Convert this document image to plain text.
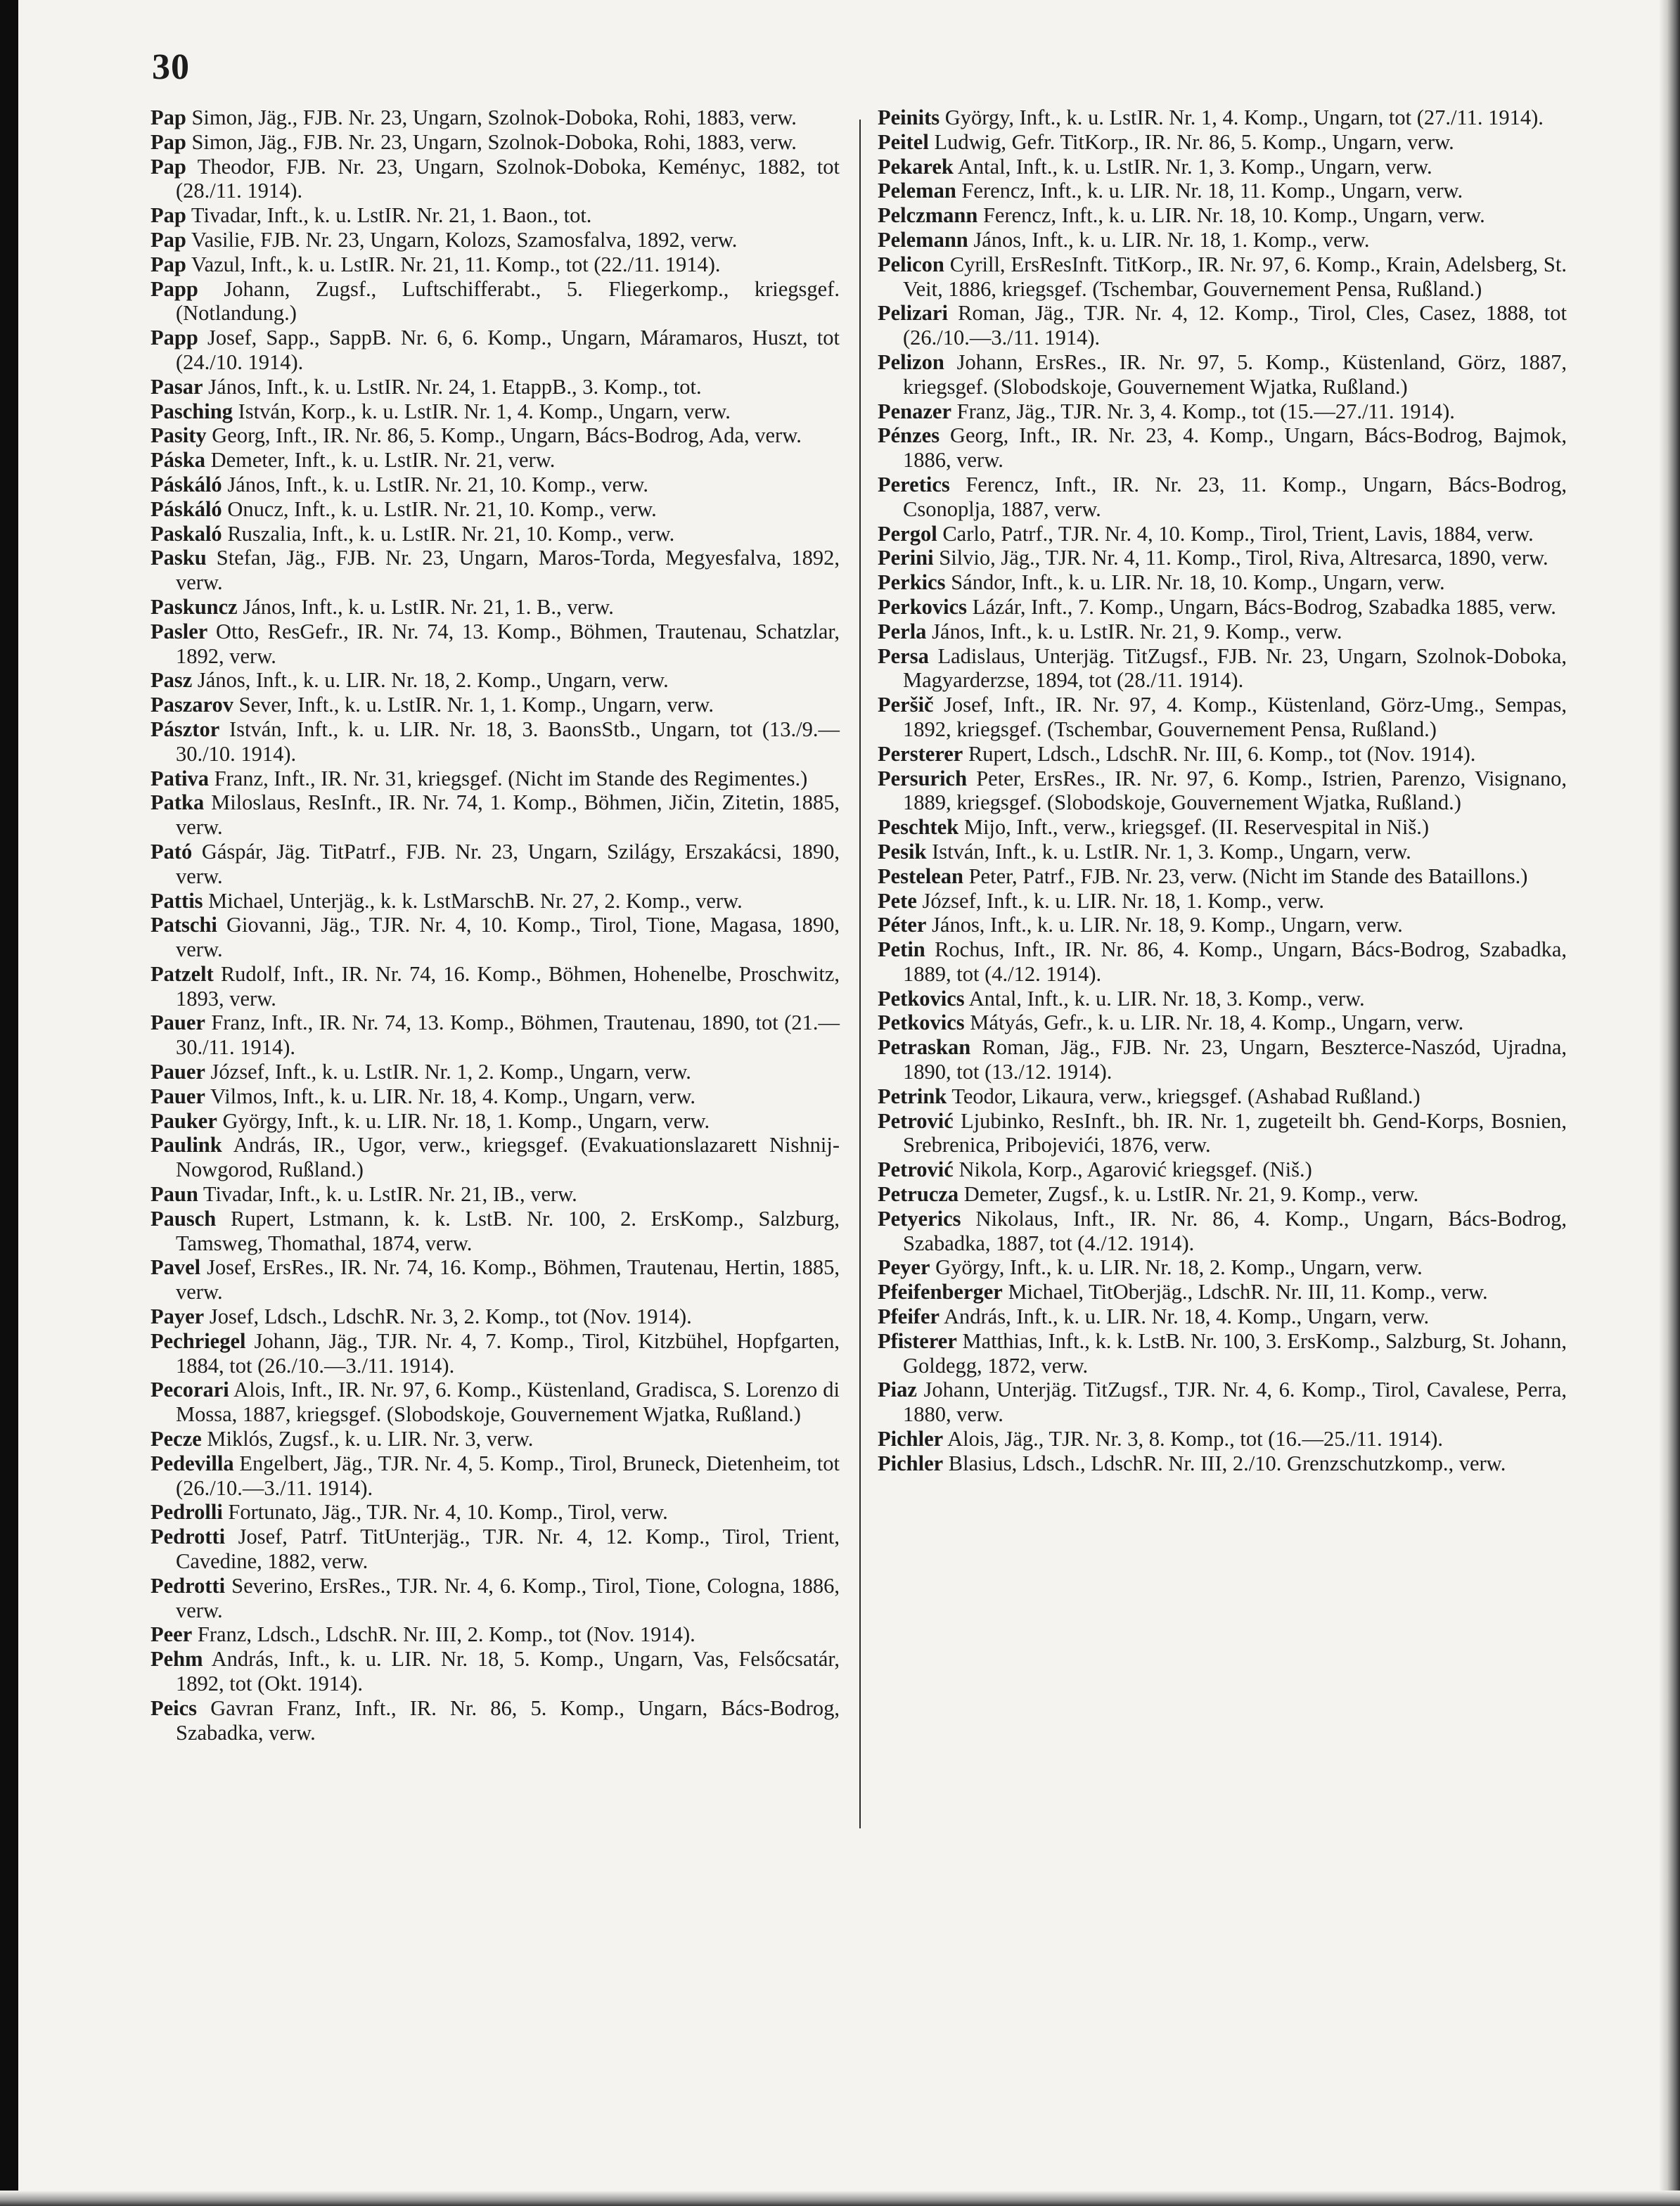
30
Pap Simon, Jäg., FJB. Nr. 23, Ungarn, Szolnok-Doboka, Rohi, 1883, verw.
Pap Simon, Jäg., FJB. Nr. 23, Ungarn, Szolnok-Doboka, Rohi, 1883, verw.
Pap Theodor, FJB. Nr. 23, Ungarn, Szolnok-Doboka, Keményc, 1882, tot (28./11. 1914).
Pap Tivadar, Inft., k. u. LstIR. Nr. 21, 1. Baon., tot.
Pap Vasilie, FJB. Nr. 23, Ungarn, Kolozs, Szamosfalva, 1892, verw.
Pap Vazul, Inft., k. u. LstIR. Nr. 21, 11. Komp., tot (22./11. 1914).
Papp Johann, Zugsf., Luftschifferabt., 5. Fliegerkomp., kriegsgef. (Notlandung.)
Papp Josef, Sapp., SappB. Nr. 6, 6. Komp., Ungarn, Máramaros, Huszt, tot (24./10. 1914).
Pasar János, Inft., k. u. LstIR. Nr. 24, 1. EtappB., 3. Komp., tot.
Pasching István, Korp., k. u. LstIR. Nr. 1, 4. Komp., Ungarn, verw.
Pasity Georg, Inft., IR. Nr. 86, 5. Komp., Ungarn, Bács-Bodrog, Ada, verw.
Páska Demeter, Inft., k. u. LstIR. Nr. 21, verw.
Páskáló János, Inft., k. u. LstIR. Nr. 21, 10. Komp., verw.
Páskáló Onucz, Inft., k. u. LstIR. Nr. 21, 10. Komp., verw.
Paskaló Ruszalia, Inft., k. u. LstIR. Nr. 21, 10. Komp., verw.
Pasku Stefan, Jäg., FJB. Nr. 23, Ungarn, Maros-Torda, Megyesfalva, 1892, verw.
Paskuncz János, Inft., k. u. LstIR. Nr. 21, 1. B., verw.
Pasler Otto, ResGefr., IR. Nr. 74, 13. Komp., Böhmen, Trautenau, Schatzlar, 1892, verw.
Pasz János, Inft., k. u. LIR. Nr. 18, 2. Komp., Ungarn, verw.
Paszarov Sever, Inft., k. u. LstIR. Nr. 1, 1. Komp., Ungarn, verw.
Pásztor István, Inft., k. u. LIR. Nr. 18, 3. BaonsStb., Ungarn, tot (13./9.—30./10. 1914).
Pativa Franz, Inft., IR. Nr. 31, kriegsgef. (Nicht im Stande des Regimentes.)
Patka Miloslaus, ResInft., IR. Nr. 74, 1. Komp., Böhmen, Jičin, Zitetin, 1885, verw.
Pató Gáspár, Jäg. TitPatrf., FJB. Nr. 23, Ungarn, Szilágy, Erszakácsi, 1890, verw.
Pattis Michael, Unterjäg., k. k. LstMarschB. Nr. 27, 2. Komp., verw.
Patschi Giovanni, Jäg., TJR. Nr. 4, 10. Komp., Tirol, Tione, Magasa, 1890, verw.
Patzelt Rudolf, Inft., IR. Nr. 74, 16. Komp., Böhmen, Hohenelbe, Proschwitz, 1893, verw.
Pauer Franz, Inft., IR. Nr. 74, 13. Komp., Böhmen, Trautenau, 1890, tot (21.—30./11. 1914).
Pauer József, Inft., k. u. LstIR. Nr. 1, 2. Komp., Ungarn, verw.
Pauer Vilmos, Inft., k. u. LIR. Nr. 18, 4. Komp., Ungarn, verw.
Pauker György, Inft., k. u. LIR. Nr. 18, 1. Komp., Ungarn, verw.
Paulink András, IR., Ugor, verw., kriegsgef. (Evakuationslazarett Nishnij-Nowgorod, Rußland.)
Paun Tivadar, Inft., k. u. LstIR. Nr. 21, IB., verw.
Pausch Rupert, Lstmann, k. k. LstB. Nr. 100, 2. ErsKomp., Salzburg, Tamsweg, Thomathal, 1874, verw.
Pavel Josef, ErsRes., IR. Nr. 74, 16. Komp., Böhmen, Trautenau, Hertin, 1885, verw.
Payer Josef, Ldsch., LdschR. Nr. 3, 2. Komp., tot (Nov. 1914).
Pechriegel Johann, Jäg., TJR. Nr. 4, 7. Komp., Tirol, Kitzbühel, Hopfgarten, 1884, tot (26./10.—3./11. 1914).
Pecorari Alois, Inft., IR. Nr. 97, 6. Komp., Küstenland, Gradisca, S. Lorenzo di Mossa, 1887, kriegsgef. (Slobodskoje, Gouvernement Wjatka, Rußland.)
Pecze Miklós, Zugsf., k. u. LIR. Nr. 3, verw.
Pedevilla Engelbert, Jäg., TJR. Nr. 4, 5. Komp., Tirol, Bruneck, Dietenheim, tot (26./10.—3./11. 1914).
Pedrolli Fortunato, Jäg., TJR. Nr. 4, 10. Komp., Tirol, verw.
Pedrotti Josef, Patrf. TitUnterjäg., TJR. Nr. 4, 12. Komp., Tirol, Trient, Cavedine, 1882, verw.
Pedrotti Severino, ErsRes., TJR. Nr. 4, 6. Komp., Tirol, Tione, Cologna, 1886, verw.
Peer Franz, Ldsch., LdschR. Nr. III, 2. Komp., tot (Nov. 1914).
Pehm András, Inft., k. u. LIR. Nr. 18, 5. Komp., Ungarn, Vas, Felsőcsatár, 1892, tot (Okt. 1914).
Peics Gavran Franz, Inft., IR. Nr. 86, 5. Komp., Ungarn, Bács-Bodrog, Szabadka, verw.
Peinits György, Inft., k. u. LstIR. Nr. 1, 4. Komp., Ungarn, tot (27./11. 1914).
Peitel Ludwig, Gefr. TitKorp., IR. Nr. 86, 5. Komp., Ungarn, verw.
Pekarek Antal, Inft., k. u. LstIR. Nr. 1, 3. Komp., Ungarn, verw.
Peleman Ferencz, Inft., k. u. LIR. Nr. 18, 11. Komp., Ungarn, verw.
Pelczmann Ferencz, Inft., k. u. LIR. Nr. 18, 10. Komp., Ungarn, verw.
Pelemann János, Inft., k. u. LIR. Nr. 18, 1. Komp., verw.
Pelicon Cyrill, ErsResInft. TitKorp., IR. Nr. 97, 6. Komp., Krain, Adelsberg, St. Veit, 1886, kriegsgef. (Tschembar, Gouvernement Pensa, Rußland.)
Pelizari Roman, Jäg., TJR. Nr. 4, 12. Komp., Tirol, Cles, Casez, 1888, tot (26./10.—3./11. 1914).
Pelizon Johann, ErsRes., IR. Nr. 97, 5. Komp., Küstenland, Görz, 1887, kriegsgef. (Slobodskoje, Gouvernement Wjatka, Rußland.)
Penazer Franz, Jäg., TJR. Nr. 3, 4. Komp., tot (15.—27./11. 1914).
Pénzes Georg, Inft., IR. Nr. 23, 4. Komp., Ungarn, Bács-Bodrog, Bajmok, 1886, verw.
Peretics Ferencz, Inft., IR. Nr. 23, 11. Komp., Ungarn, Bács-Bodrog, Csonoplja, 1887, verw.
Pergol Carlo, Patrf., TJR. Nr. 4, 10. Komp., Tirol, Trient, Lavis, 1884, verw.
Perini Silvio, Jäg., TJR. Nr. 4, 11. Komp., Tirol, Riva, Altresarca, 1890, verw.
Perkics Sándor, Inft., k. u. LIR. Nr. 18, 10. Komp., Ungarn, verw.
Perkovics Lázár, Inft., 7. Komp., Ungarn, Bács-Bodrog, Szabadka 1885, verw.
Perla János, Inft., k. u. LstIR. Nr. 21, 9. Komp., verw.
Persa Ladislaus, Unterjäg. TitZugsf., FJB. Nr. 23, Ungarn, Szolnok-Doboka, Magyarderzse, 1894, tot (28./11. 1914).
Peršič Josef, Inft., IR. Nr. 97, 4. Komp., Küstenland, Görz-Umg., Sempas, 1892, kriegsgef. (Tschembar, Gouvernement Pensa, Rußland.)
Persterer Rupert, Ldsch., LdschR. Nr. III, 6. Komp., tot (Nov. 1914).
Persurich Peter, ErsRes., IR. Nr. 97, 6. Komp., Istrien, Parenzo, Visignano, 1889, kriegsgef. (Slobodskoje, Gouvernement Wjatka, Rußland.)
Peschtek Mijo, Inft., verw., kriegsgef. (II. Reservespital in Niš.)
Pesik István, Inft., k. u. LstIR. Nr. 1, 3. Komp., Ungarn, verw.
Pestelean Peter, Patrf., FJB. Nr. 23, verw. (Nicht im Stande des Bataillons.)
Pete József, Inft., k. u. LIR. Nr. 18, 1. Komp., verw.
Péter János, Inft., k. u. LIR. Nr. 18, 9. Komp., Ungarn, verw.
Petin Rochus, Inft., IR. Nr. 86, 4. Komp., Ungarn, Bács-Bodrog, Szabadka, 1889, tot (4./12. 1914).
Petkovics Antal, Inft., k. u. LIR. Nr. 18, 3. Komp., verw.
Petkovics Mátyás, Gefr., k. u. LIR. Nr. 18, 4. Komp., Ungarn, verw.
Petraskan Roman, Jäg., FJB. Nr. 23, Ungarn, Beszterce-Naszód, Ujradna, 1890, tot (13./12. 1914).
Petrink Teodor, Likaura, verw., kriegsgef. (Ashabad Rußland.)
Petrović Ljubinko, ResInft., bh. IR. Nr. 1, zugeteilt bh. Gend-Korps, Bosnien, Srebrenica, Pribojevići, 1876, verw.
Petrović Nikola, Korp., Agarović kriegsgef. (Niš.)
Petrucza Demeter, Zugsf., k. u. LstIR. Nr. 21, 9. Komp., verw.
Petyerics Nikolaus, Inft., IR. Nr. 86, 4. Komp., Ungarn, Bács-Bodrog, Szabadka, 1887, tot (4./12. 1914).
Peyer György, Inft., k. u. LIR. Nr. 18, 2. Komp., Ungarn, verw.
Pfeifenberger Michael, TitOberjäg., LdschR. Nr. III, 11. Komp., verw.
Pfeifer András, Inft., k. u. LIR. Nr. 18, 4. Komp., Ungarn, verw.
Pfisterer Matthias, Inft., k. k. LstB. Nr. 100, 3. ErsKomp., Salzburg, St. Johann, Goldegg, 1872, verw.
Piaz Johann, Unterjäg. TitZugsf., TJR. Nr. 4, 6. Komp., Tirol, Cavalese, Perra, 1880, verw.
Pichler Alois, Jäg., TJR. Nr. 3, 8. Komp., tot (16.—25./11. 1914).
Pichler Blasius, Ldsch., LdschR. Nr. III, 2./10. Grenzschutzkomp., verw.
